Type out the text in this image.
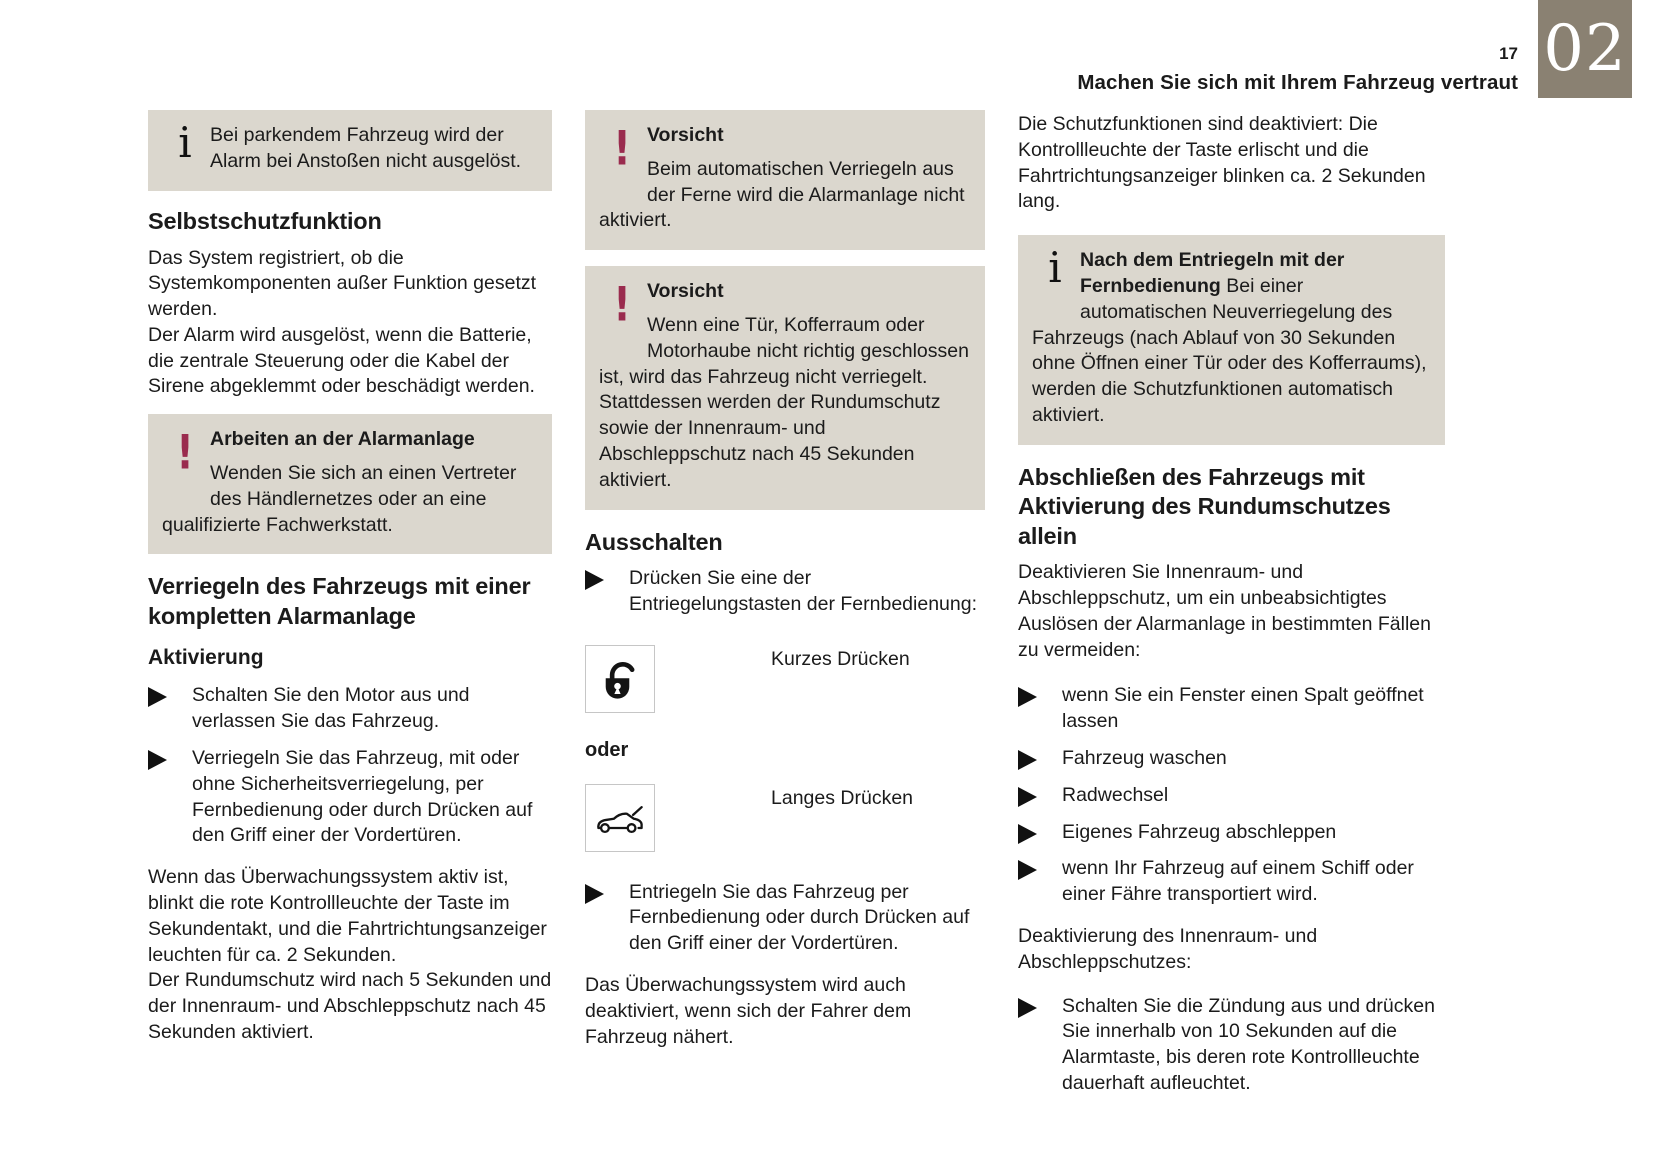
02
17
Machen Sie sich mit Ihrem Fahrzeug vertraut
i Bei parkendem Fahrzeug wird der Alarm bei Anstoßen nicht ausgelöst.
Selbstschutzfunktion
Das System registriert, ob die Systemkomponenten außer Funktion gesetzt werden.
Der Alarm wird ausgelöst, wenn die Batterie, die zentrale Steuerung oder die Kabel der Sirene abgeklemmt oder beschädigt werden.
! Arbeiten an der Alarmanlage
Wenden Sie sich an einen Vertreter des Händlernetzes oder an eine qualifizierte Fachwerkstatt.
Verriegeln des Fahrzeugs mit einer kompletten Alarmanlage
Aktivierung
Schalten Sie den Motor aus und verlassen Sie das Fahrzeug.
Verriegeln Sie das Fahrzeug, mit oder ohne Sicherheitsverriegelung, per Fernbedienung oder durch Drücken auf den Griff einer der Vordertüren.
Wenn das Überwachungssystem aktiv ist, blinkt die rote Kontrollleuchte der Taste im Sekundentakt, und die Fahrtrichtungsanzeiger leuchten für ca. 2 Sekunden.
Der Rundumschutz wird nach 5 Sekunden und der Innenraum- und Abschleppschutz nach 45 Sekunden aktiviert.
! Vorsicht
Beim automatischen Verriegeln aus der Ferne wird die Alarmanlage nicht aktiviert.
! Vorsicht
Wenn eine Tür, Kofferraum oder Motorhaube nicht richtig geschlossen ist, wird das Fahrzeug nicht verriegelt. Stattdessen werden der Rundumschutz sowie der Innenraum- und Abschleppschutz nach 45 Sekunden aktiviert.
Ausschalten
Drücken Sie eine der Entriegelungstasten der Fernbedienung:
Kurzes Drücken
oder
Langes Drücken
Entriegeln Sie das Fahrzeug per Fernbedienung oder durch Drücken auf den Griff einer der Vordertüren.
Das Überwachungssystem wird auch deaktiviert, wenn sich der Fahrer dem Fahrzeug nähert.
Die Schutzfunktionen sind deaktiviert: Die Kontrollleuchte der Taste erlischt und die Fahrtrichtungsanzeiger blinken ca. 2 Sekunden lang.
i Nach dem Entriegeln mit der Fernbedienung Bei einer automatischen Neuverriegelung des Fahrzeugs (nach Ablauf von 30 Sekunden ohne Öffnen einer Tür oder des Kofferraums), werden die Schutzfunktionen automatisch aktiviert.
Abschließen des Fahrzeugs mit Aktivierung des Rundumschutzes allein
Deaktivieren Sie Innenraum- und Abschleppschutz, um ein unbeabsichtigtes Auslösen der Alarmanlage in bestimmten Fällen zu vermeiden:
wenn Sie ein Fenster einen Spalt geöffnet lassen
Fahrzeug waschen
Radwechsel
Eigenes Fahrzeug abschleppen
wenn Ihr Fahrzeug auf einem Schiff oder einer Fähre transportiert wird.
Deaktivierung des Innenraum- und Abschleppschutzes:
Schalten Sie die Zündung aus und drücken Sie innerhalb von 10 Sekunden auf die Alarmtaste, bis deren rote Kontrollleuchte dauerhaft aufleuchtet.
